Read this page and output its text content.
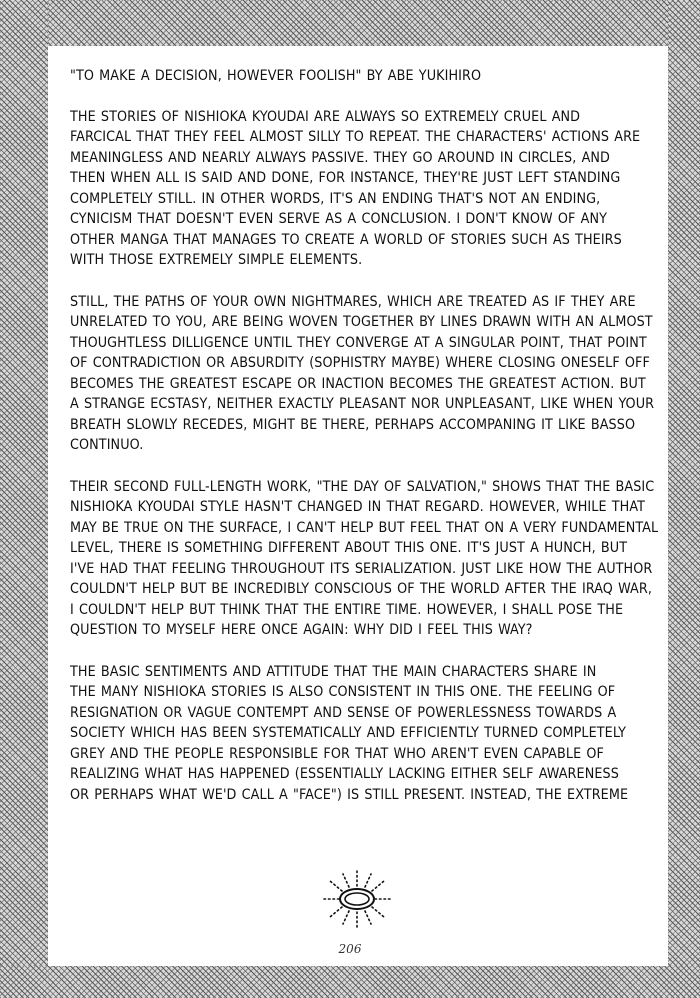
"TO MAKE A DECISION, HOWEVER FOOLISH" BY ABE YUKIHIRO
THE STORIES OF NISHIOKA KYOUDAI ARE ALWAYS SO EXTREMELY CRUEL AND
FARCICAL THAT THEY FEEL ALMOST SILLY TO REPEAT. THE CHARACTERS' ACTIONS ARE
MEANINGLESS AND NEARLY ALWAYS PASSIVE. THEY GO AROUND IN CIRCLES, AND
THEN WHEN ALL IS SAID AND DONE, FOR INSTANCE, THEY'RE JUST LEFT STANDING
COMPLETELY STILL. IN OTHER WORDS, IT'S AN ENDING THAT'S NOT AN ENDING,
CYNICISM THAT DOESN'T EVEN SERVE AS A CONCLUSION. I DON'T KNOW OF ANY
OTHER MANGA THAT MANAGES TO CREATE A WORLD OF STORIES SUCH AS THEIRS
WITH THOSE EXTREMELY SIMPLE ELEMENTS.
STILL, THE PATHS OF YOUR OWN NIGHTMARES, WHICH ARE TREATED AS IF THEY ARE
UNRELATED TO YOU, ARE BEING WOVEN TOGETHER BY LINES DRAWN WITH AN ALMOST
THOUGHTLESS DILLIGENCE UNTIL THEY CONVERGE AT A SINGULAR POINT, THAT POINT
OF CONTRADICTION OR ABSURDITY (SOPHISTRY MAYBE) WHERE CLOSING ONESELF OFF
BECOMES THE GREATEST ESCAPE OR INACTION BECOMES THE GREATEST ACTION. BUT
A STRANGE ECSTASY, NEITHER EXACTLY PLEASANT NOR UNPLEASANT, LIKE WHEN YOUR
BREATH SLOWLY RECEDES, MIGHT BE THERE, PERHAPS ACCOMPANING IT LIKE BASSO
CONTINUO.
THEIR SECOND FULL-LENGTH WORK, "THE DAY OF SALVATION," SHOWS THAT THE BASIC
NISHIOKA KYOUDAI STYLE HASN'T CHANGED IN THAT REGARD. HOWEVER, WHILE THAT
MAY BE TRUE ON THE SURFACE, I CAN'T HELP BUT FEEL THAT ON A VERY FUNDAMENTAL
LEVEL, THERE IS SOMETHING DIFFERENT ABOUT THIS ONE. IT'S JUST A HUNCH, BUT
I'VE HAD THAT FEELING THROUGHOUT ITS SERIALIZATION. JUST LIKE HOW THE AUTHOR
COULDN'T HELP BUT BE INCREDIBLY CONSCIOUS OF THE WORLD AFTER THE IRAQ WAR,
I COULDN'T HELP BUT THINK THAT THE ENTIRE TIME. HOWEVER, I SHALL POSE THE
QUESTION TO MYSELF HERE ONCE AGAIN: WHY DID I FEEL THIS WAY?
THE BASIC SENTIMENTS AND ATTITUDE THAT THE MAIN CHARACTERS SHARE IN
THE MANY NISHIOKA STORIES IS ALSO CONSISTENT IN THIS ONE. THE FEELING OF
RESIGNATION OR VAGUE CONTEMPT AND SENSE OF POWERLESSNESS TOWARDS A
SOCIETY WHICH HAS BEEN SYSTEMATICALLY AND EFFICIENTLY TURNED COMPLETELY
GREY AND THE PEOPLE RESPONSIBLE FOR THAT WHO AREN'T EVEN CAPABLE OF
REALIZING WHAT HAS HAPPENED (ESSENTIALLY LACKING EITHER SELF AWARENESS
OR PERHAPS WHAT WE'D CALL A "FACE") IS STILL PRESENT. INSTEAD, THE EXTREME
206
